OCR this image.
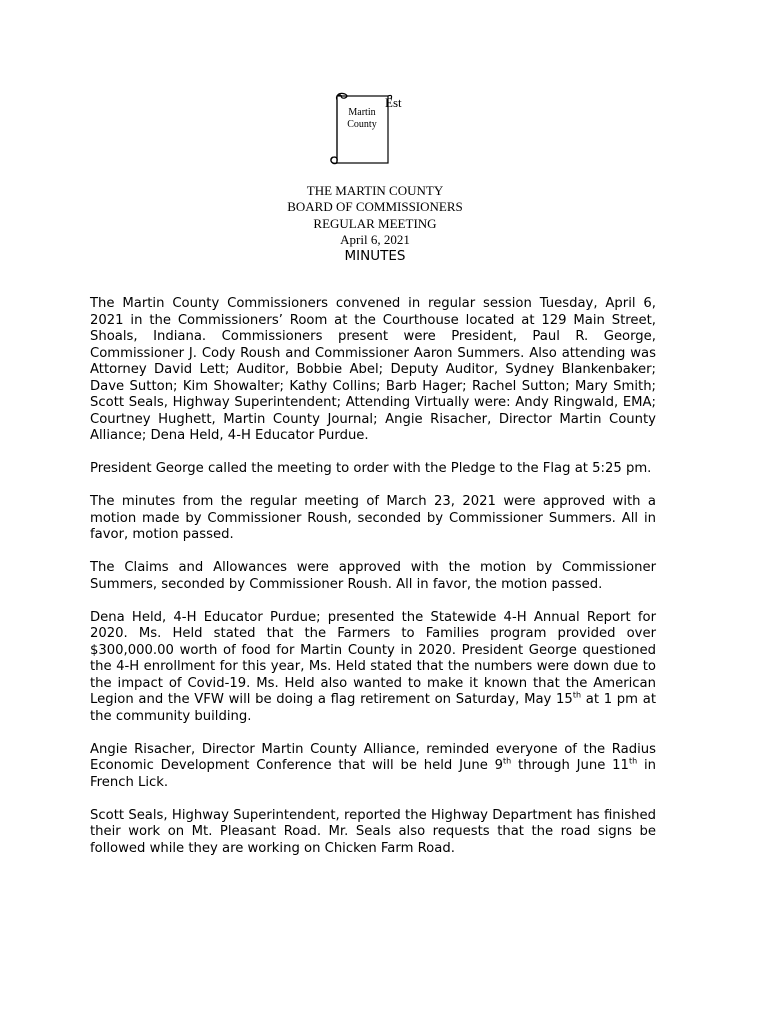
Martin
County
Est
THE MARTIN COUNTY
BOARD OF COMMISSIONERS
REGULAR MEETING
April 6, 2021
MINUTES

The Martin County Commissioners convened in regular session Tuesday, April 6, 2021 in the Commissioners’ Room at the Courthouse located at 129 Main Street, Shoals, Indiana. Commissioners present were President, Paul R. George, Commissioner J. Cody Roush and Commissioner Aaron Summers. Also attending was Attorney David Lett; Auditor, Bobbie Abel; Deputy Auditor, Sydney Blankenbaker; Dave Sutton; Kim Showalter; Kathy Collins; Barb Hager; Rachel Sutton; Mary Smith; Scott Seals, Highway Superintendent; Attending Virtually were: Andy Ringwald, EMA; Courtney Hughett, Martin County Journal; Angie Risacher, Director Martin County Alliance; Dena Held, 4-H Educator Purdue.

President George called the meeting to order with the Pledge to the Flag at 5:25 pm.

The minutes from the regular meeting of March 23, 2021 were approved with a motion made by Commissioner Roush, seconded by Commissioner Summers. All in favor, motion passed.

The Claims and Allowances were approved with the motion by Commissioner Summers, seconded by Commissioner Roush. All in favor, the motion passed.

Dena Held, 4-H Educator Purdue; presented the Statewide 4-H Annual Report for 2020. Ms. Held stated that the Farmers to Families program provided over $300,000.00 worth of food for Martin County in 2020. President George questioned the 4-H enrollment for this year, Ms. Held stated that the numbers were down due to the impact of Covid-19. Ms. Held also wanted to make it known that the American Legion and the VFW will be doing a flag retirement on Saturday, May 15th at 1 pm at the community building.

Angie Risacher, Director Martin County Alliance, reminded everyone of the Radius Economic Development Conference that will be held June 9th through June 11th in French Lick.

Scott Seals, Highway Superintendent, reported the Highway Department has finished their work on Mt. Pleasant Road. Mr. Seals also requests that the road signs be followed while they are working on Chicken Farm Road.
